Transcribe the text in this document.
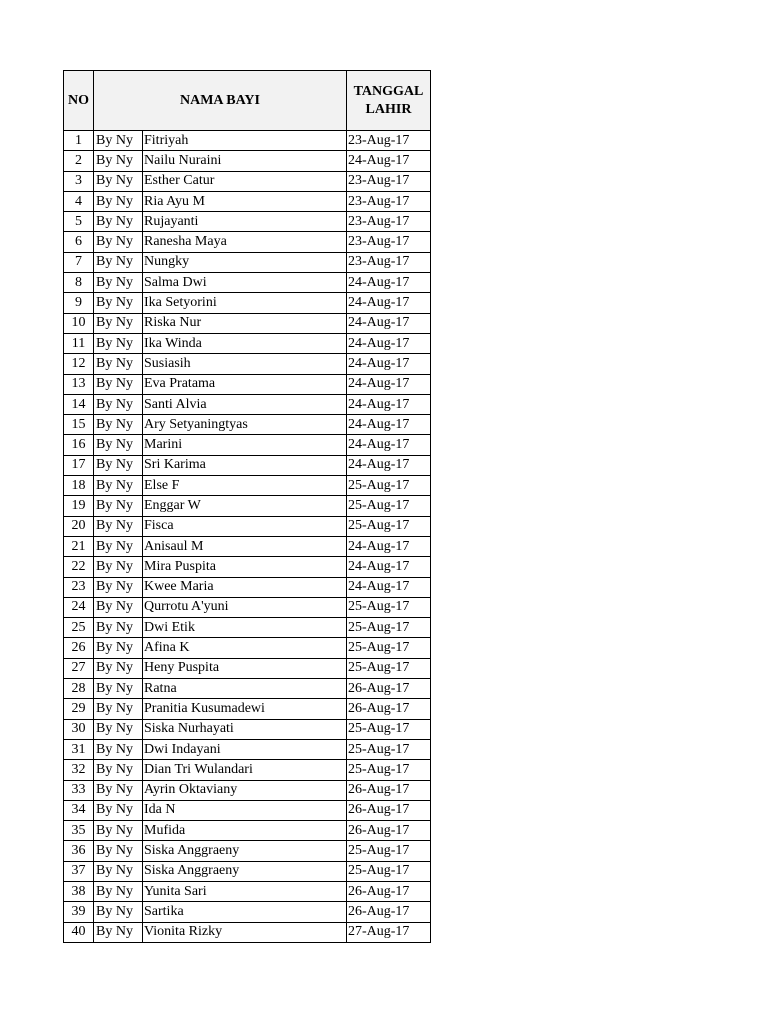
NO	NAMA BAYI		TANGGAL
LAHIR
1	By Ny	Fitriyah	23-Aug-17
2	By Ny	Nailu Nuraini	24-Aug-17
3	By Ny	Esther Catur	23-Aug-17
4	By Ny	Ria Ayu M	23-Aug-17
5	By Ny	Rujayanti	23-Aug-17
6	By Ny	Ranesha Maya	23-Aug-17
7	By Ny	Nungky	23-Aug-17
8	By Ny	Salma Dwi	24-Aug-17
9	By Ny	Ika Setyorini	24-Aug-17
10	By Ny	Riska Nur	24-Aug-17
11	By Ny	Ika Winda	24-Aug-17
12	By Ny	Susiasih	24-Aug-17
13	By Ny	Eva Pratama	24-Aug-17
14	By Ny	Santi Alvia	24-Aug-17
15	By Ny	Ary Setyaningtyas	24-Aug-17
16	By Ny	Marini	24-Aug-17
17	By Ny	Sri Karima	24-Aug-17
18	By Ny	Else F	25-Aug-17
19	By Ny	Enggar W	25-Aug-17
20	By Ny	Fisca	25-Aug-17
21	By Ny	Anisaul M	24-Aug-17
22	By Ny	Mira Puspita	24-Aug-17
23	By Ny	Kwee Maria	24-Aug-17
24	By Ny	Qurrotu A'yuni	25-Aug-17
25	By Ny	Dwi Etik	25-Aug-17
26	By Ny	Afina K	25-Aug-17
27	By Ny	Heny Puspita	25-Aug-17
28	By Ny	Ratna	26-Aug-17
29	By Ny	Pranitia Kusumadewi	26-Aug-17
30	By Ny	Siska Nurhayati	25-Aug-17
31	By Ny	Dwi Indayani	25-Aug-17
32	By Ny	Dian Tri Wulandari	25-Aug-17
33	By Ny	Ayrin Oktaviany	26-Aug-17
34	By Ny	Ida N	26-Aug-17
35	By Ny	Mufida	26-Aug-17
36	By Ny	Siska Anggraeny	25-Aug-17
37	By Ny	Siska Anggraeny	25-Aug-17
38	By Ny	Yunita Sari	26-Aug-17
39	By Ny	Sartika	26-Aug-17
40	By Ny	Vionita Rizky	27-Aug-17
